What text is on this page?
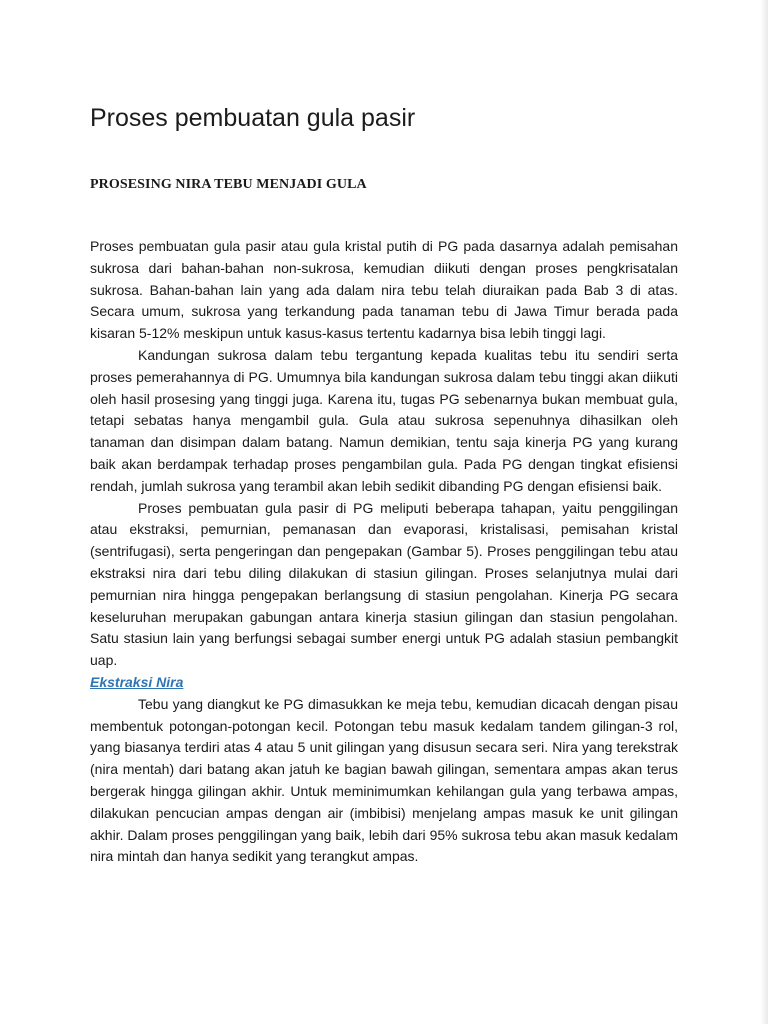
Proses pembuatan gula pasir
PROSESING NIRA TEBU MENJADI GULA

Proses pembuatan gula pasir atau gula kristal putih di PG pada dasarnya adalah pemisahan sukrosa dari bahan-bahan non-sukrosa, kemudian diikuti dengan proses pengkrisatalan sukrosa. Bahan-bahan lain yang ada dalam nira tebu telah diuraikan pada Bab 3 di atas. Secara umum, sukrosa yang terkandung pada tanaman tebu di Jawa Timur berada pada kisaran 5-12% meskipun untuk kasus-kasus tertentu kadarnya bisa lebih tinggi lagi.

Kandungan sukrosa dalam tebu tergantung kepada kualitas tebu itu sendiri serta proses pemerahannya di PG. Umumnya bila kandungan sukrosa dalam tebu tinggi akan diikuti oleh hasil prosesing yang tinggi juga. Karena itu, tugas PG sebenarnya bukan membuat gula, tetapi sebatas hanya mengambil gula. Gula atau sukrosa sepenuhnya dihasilkan oleh tanaman dan disimpan dalam batang. Namun demikian, tentu saja kinerja PG yang kurang baik akan berdampak terhadap proses pengambilan gula. Pada PG dengan tingkat efisiensi rendah, jumlah sukrosa yang terambil akan lebih sedikit dibanding PG dengan efisiensi baik.

Proses pembuatan gula pasir di PG meliputi beberapa tahapan, yaitu penggilingan atau ekstraksi, pemurnian, pemanasan dan evaporasi, kristalisasi, pemisahan kristal (sentrifugasi), serta pengeringan dan pengepakan (Gambar 5). Proses penggilingan tebu atau ekstraksi nira dari tebu diling dilakukan di stasiun gilingan. Proses selanjutnya mulai dari pemurnian nira hingga pengepakan berlangsung di stasiun pengolahan. Kinerja PG secara keseluruhan merupakan gabungan antara kinerja stasiun gilingan dan stasiun pengolahan. Satu stasiun lain yang berfungsi sebagai sumber energi untuk PG adalah stasiun pembangkit uap.

Ekstraksi Nira

Tebu yang diangkut ke PG dimasukkan ke meja tebu, kemudian dicacah dengan pisau membentuk potongan-potongan kecil. Potongan tebu masuk kedalam tandem gilingan-3 rol, yang biasanya terdiri atas 4 atau 5 unit gilingan yang disusun secara seri. Nira yang terekstrak (nira mentah) dari batang akan jatuh ke bagian bawah gilingan, sementara ampas akan terus bergerak hingga gilingan akhir. Untuk meminimumkan kehilangan gula yang terbawa ampas, dilakukan pencucian ampas dengan air (imbibisi) menjelang ampas masuk ke unit gilingan akhir. Dalam proses penggilingan yang baik, lebih dari 95% sukrosa tebu akan masuk kedalam nira mintah dan hanya sedikit yang terangkut ampas.
